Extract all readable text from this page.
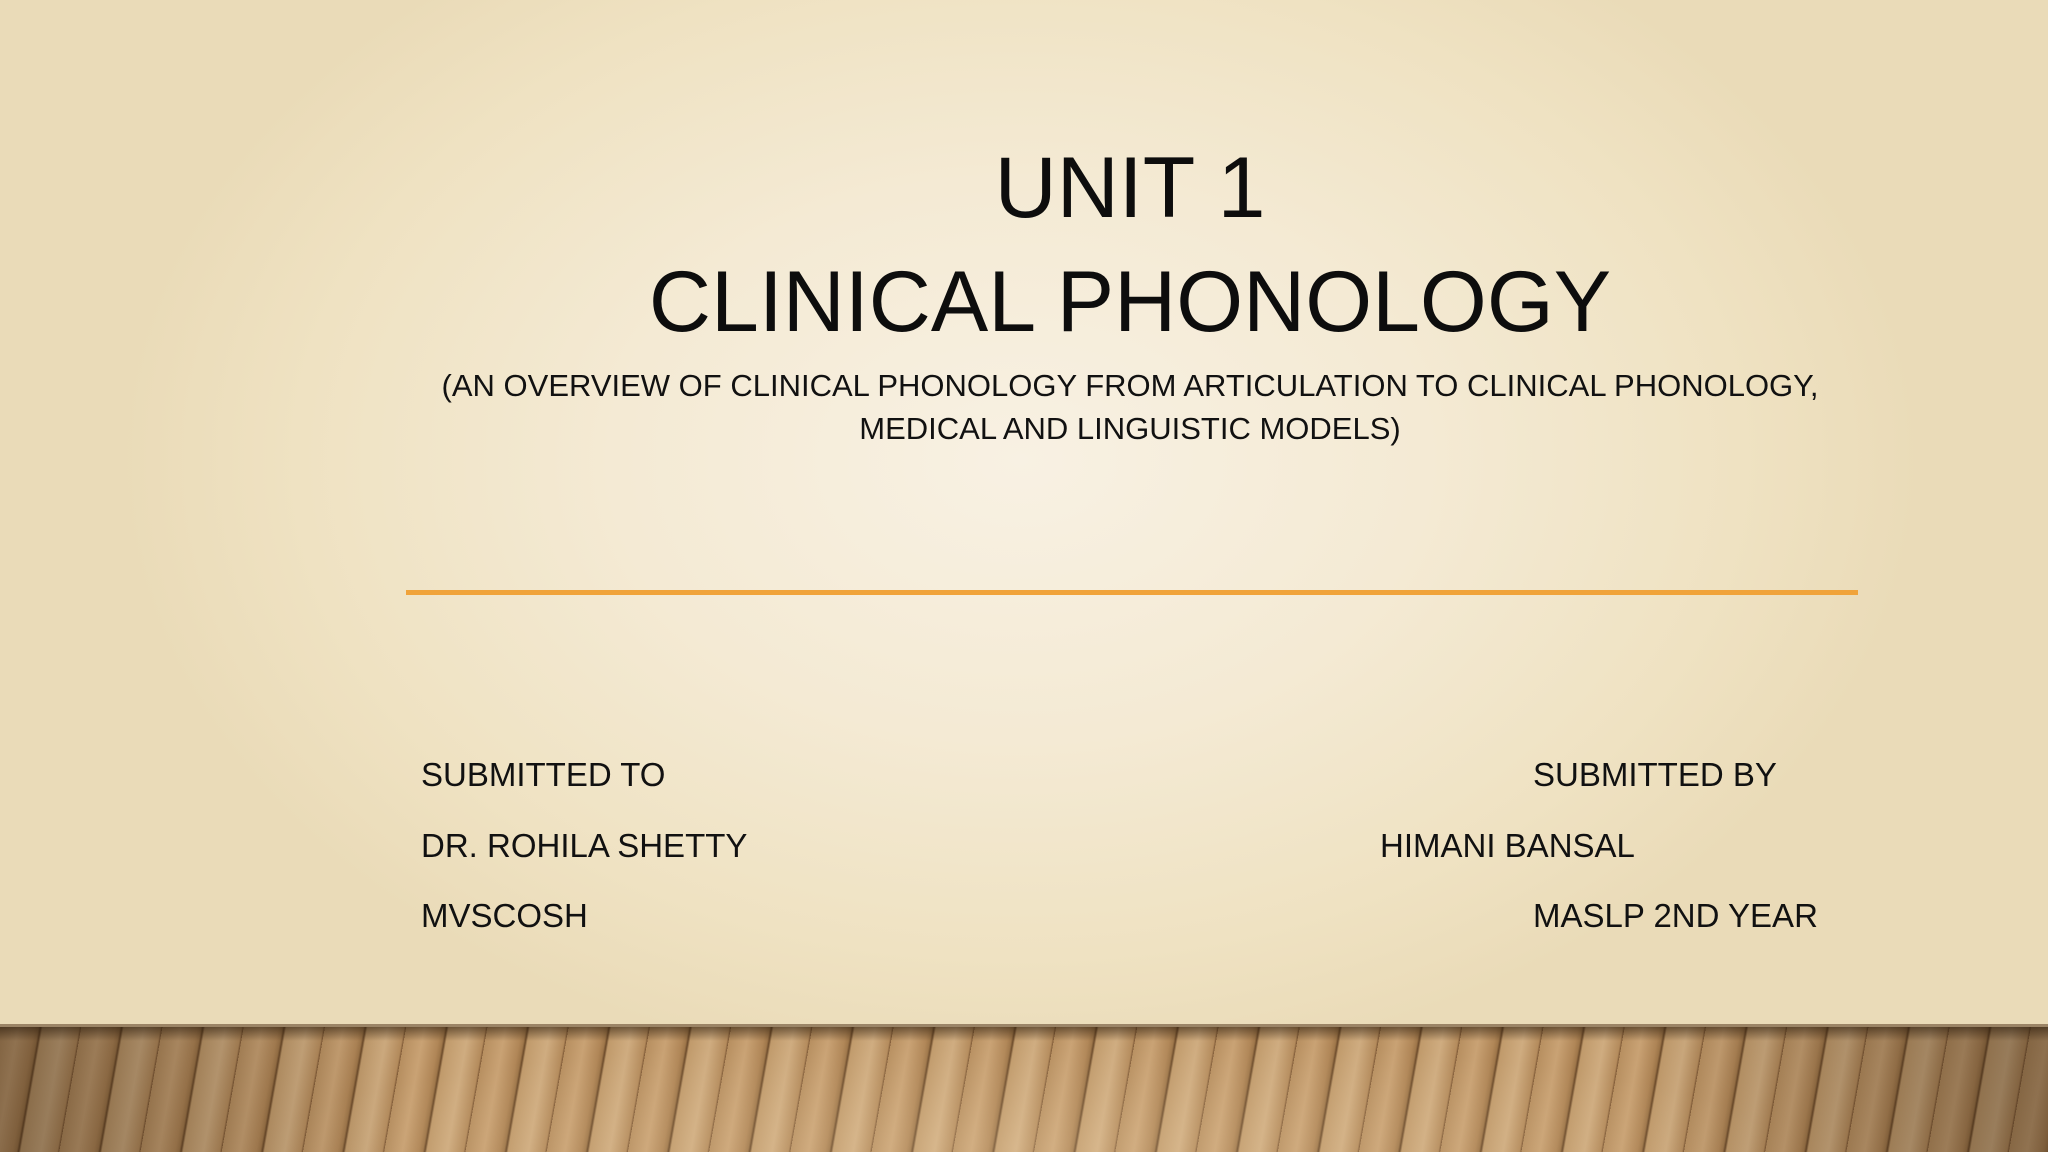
UNIT 1
CLINICAL PHONOLOGY
(AN OVERVIEW OF CLINICAL PHONOLOGY FROM ARTICULATION TO CLINICAL PHONOLOGY,
MEDICAL AND LINGUISTIC MODELS)
SUBMITTED TO
DR. ROHILA SHETTY
MVSCOSH
SUBMITTED BY
HIMANI BANSAL
MASLP 2ND YEAR
